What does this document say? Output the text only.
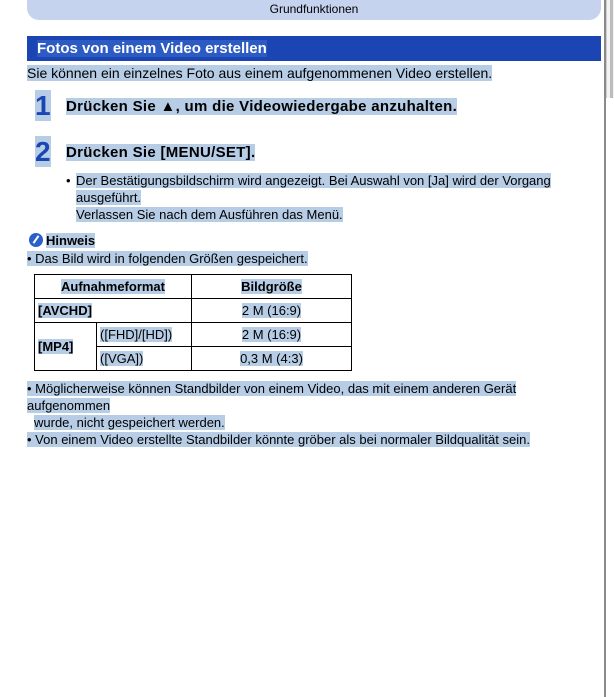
Grundfunktionen
Fotos von einem Video erstellen
Sie können ein einzelnes Foto aus einem aufgenommenen Video erstellen.
1 Drücken Sie ▲, um die Videowiedergabe anzuhalten.
2 Drücken Sie [MENU/SET].
• Der Bestätigungsbildschirm wird angezeigt. Bei Auswahl von [Ja] wird der Vorgang
ausgeführt.
Verlassen Sie nach dem Ausführen das Menü.
Hinweis
• Das Bild wird in folgenden Größen gespeichert.
Aufnahmeformat		Bildgröße
[AVCHD]		2 M (16:9)
[MP4]	([FHD]/[HD])	2 M (16:9)
	([VGA])	0,3 M (4:3)

• Möglicherweise können Standbilder von einem Video, das mit einem anderen Gerät aufgenommen

wurde, nicht gespeichert werden.

• Von einem Video erstellte Standbilder könnte gröber als bei normaler Bildqualität sein.
